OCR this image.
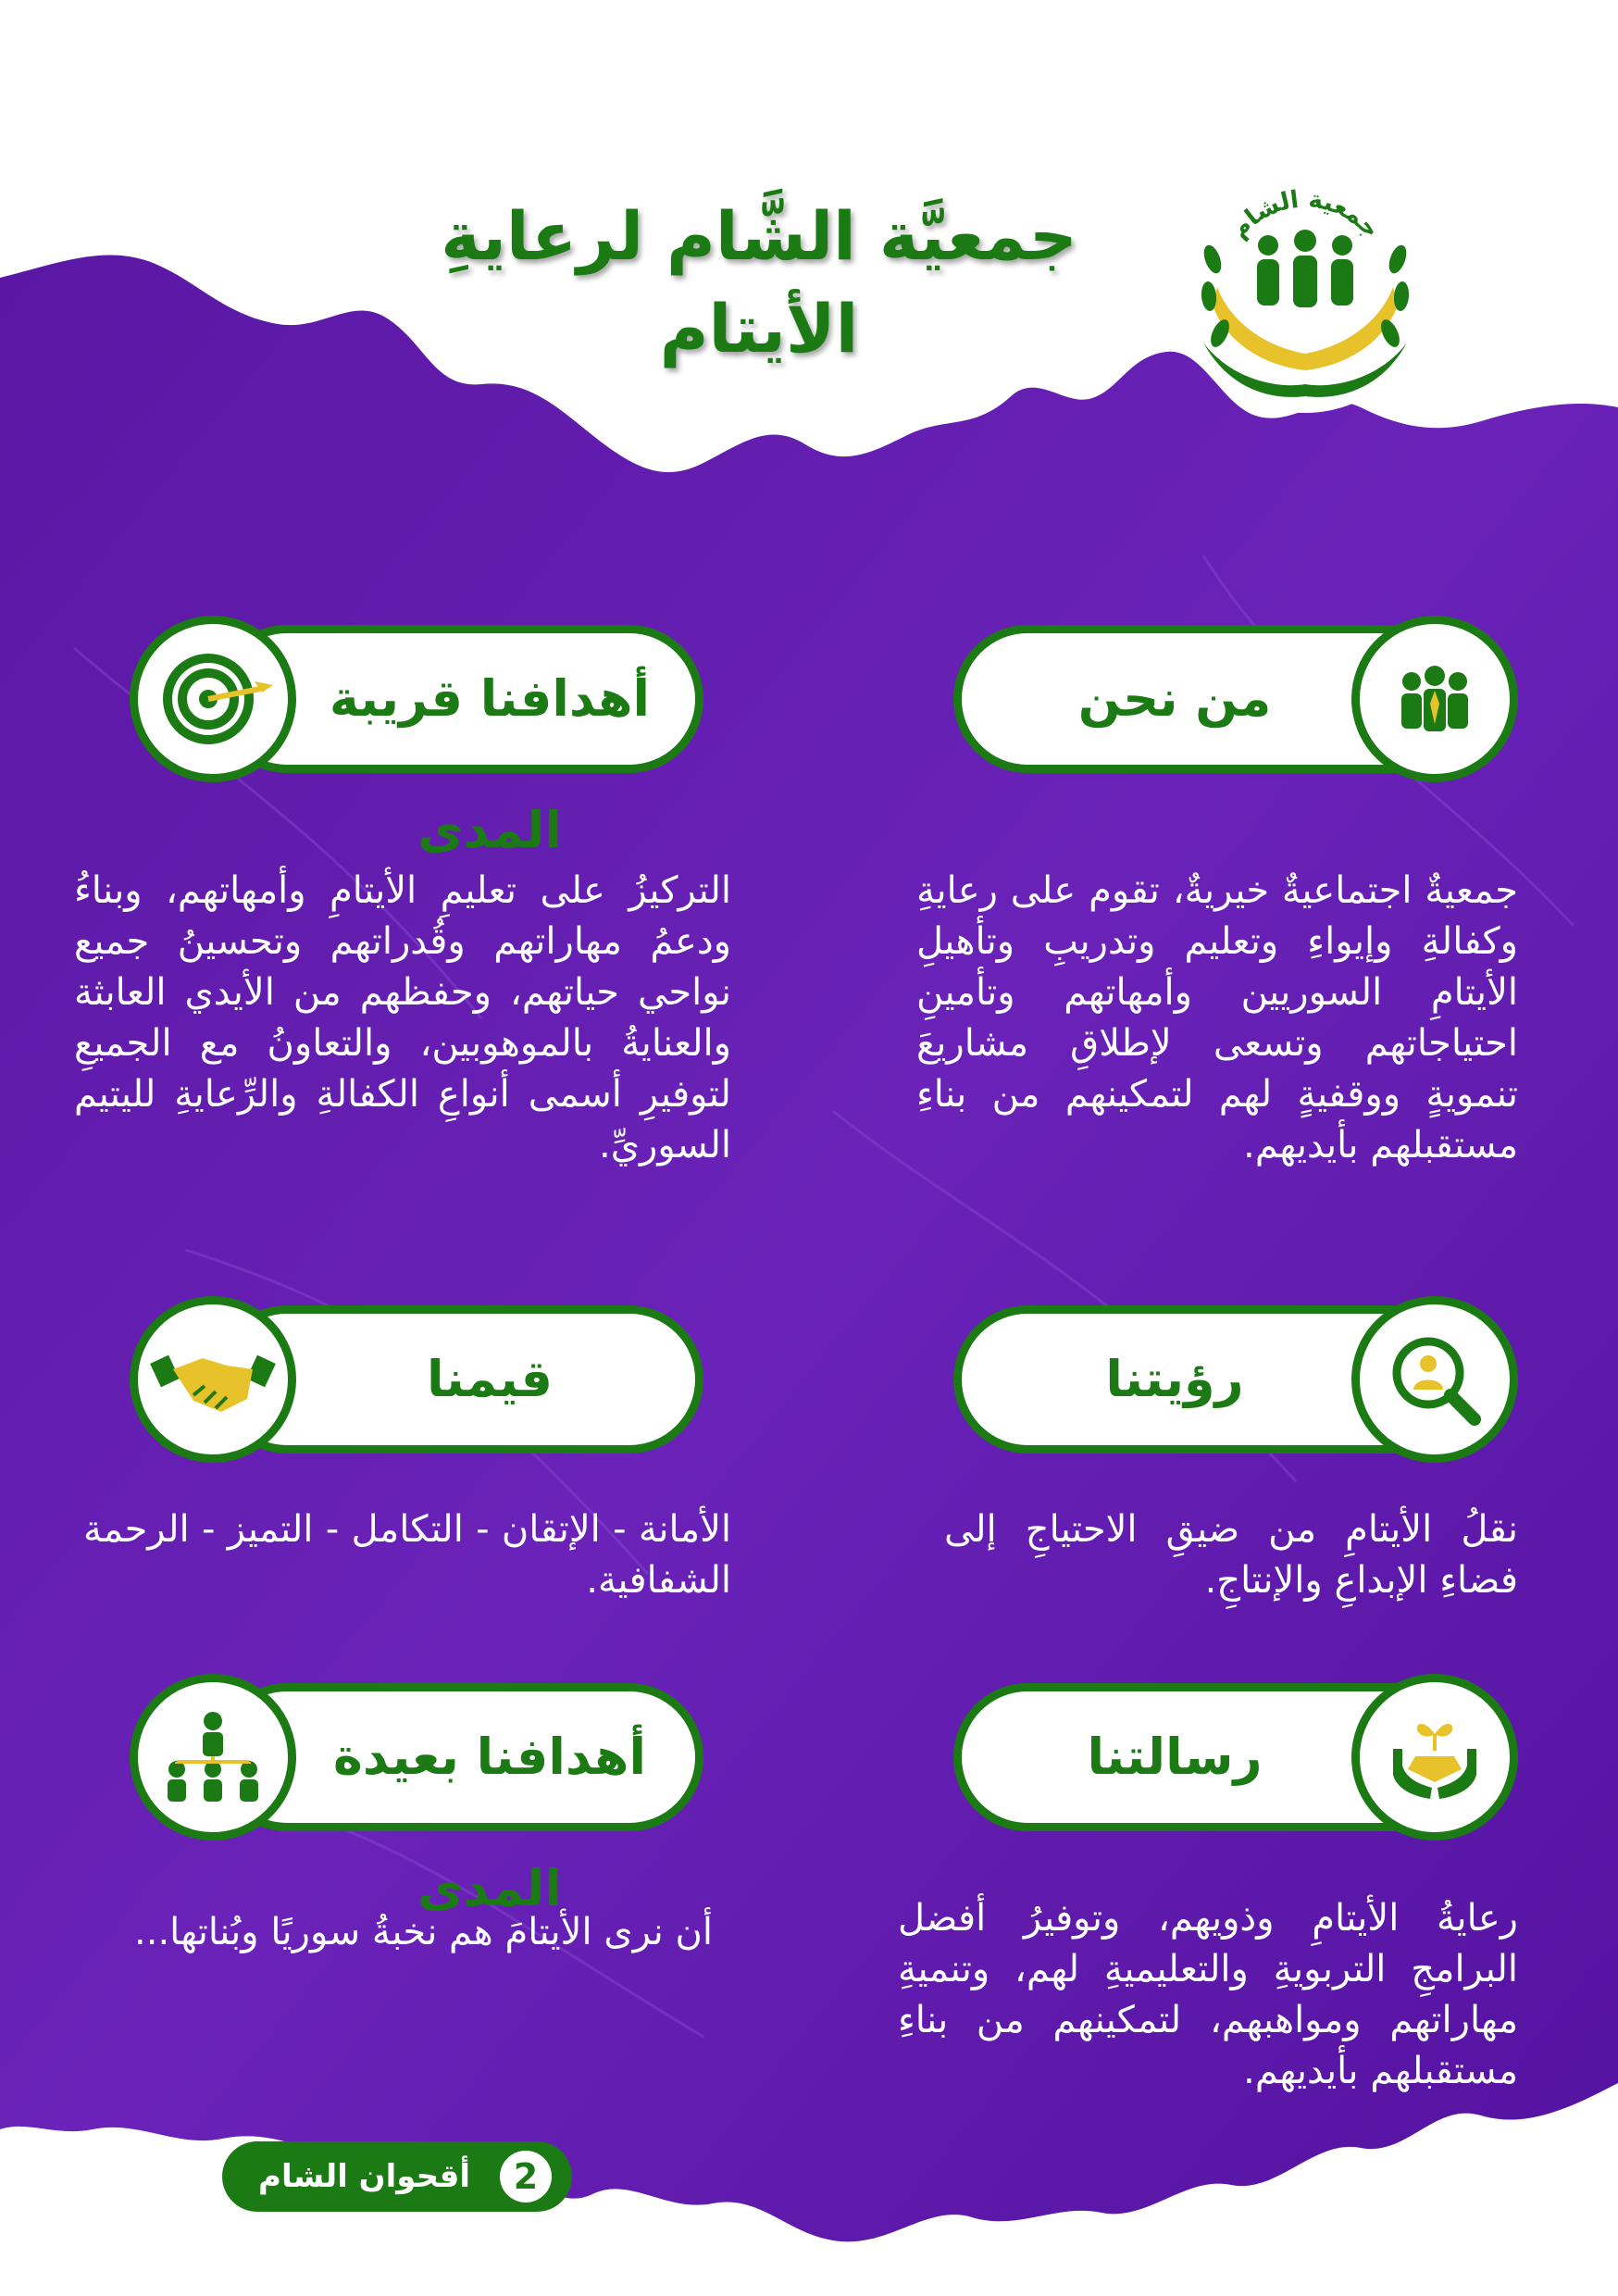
جمعيَّة الشَّام لرعايةِ الأيتام
جمعية الشام
من نحن
جمعيةٌ اجتماعيةٌ خيريةٌ، تقوم على رعايةِ وكفالةِ وإيواءِ وتعليم وتدريبِ وتأهيلِ الأيتامِ السوريين وأمهاتهم وتأمينِ احتياجاتهم وتسعى لإطلاقِ مشاريعَ تنمويةٍ ووقفيةٍ لهم لتمكينهم من بناءِ مستقبلهم بأيديهم.
أهدافنا قريبة المدى
التركيزُ على تعليمِ الأيتامِ وأمهاتهم، وبناءُ ودعمُ مهاراتهم وقُدراتهم وتحسينُ جميع نواحي حياتهم، وحفظهم من الأيدي العابثة والعنايةُ بالموهوبين، والتعاونُ مع الجميعِ لتوفيرِ أسمى أنواعِ الكفالةِ والرِّعايةِ لليتيم السوريِّ.
رؤيتنا
نقلُ الأيتامِ من ضيقِ الاحتياجِ إلى فضاءِ الإبداعِ والإنتاجِ.
قيمنا
الأمانة - الإتقان - التكامل - التميز - الرحمة الشفافية.
رسالتنا
رعايةُ الأيتامِ وذويهم، وتوفيرُ أفضل البرامجِ التربويةِ والتعليميةِ لهم، وتنميةِ مهاراتهم ومواهبهم، لتمكينهم من بناءِ مستقبلهم بأيديهم.
أهدافنا بعيدة المدى
أن نرى الأيتامَ هم نخبةُ سوريًا وبُناتها...
2
أقحوان الشام
